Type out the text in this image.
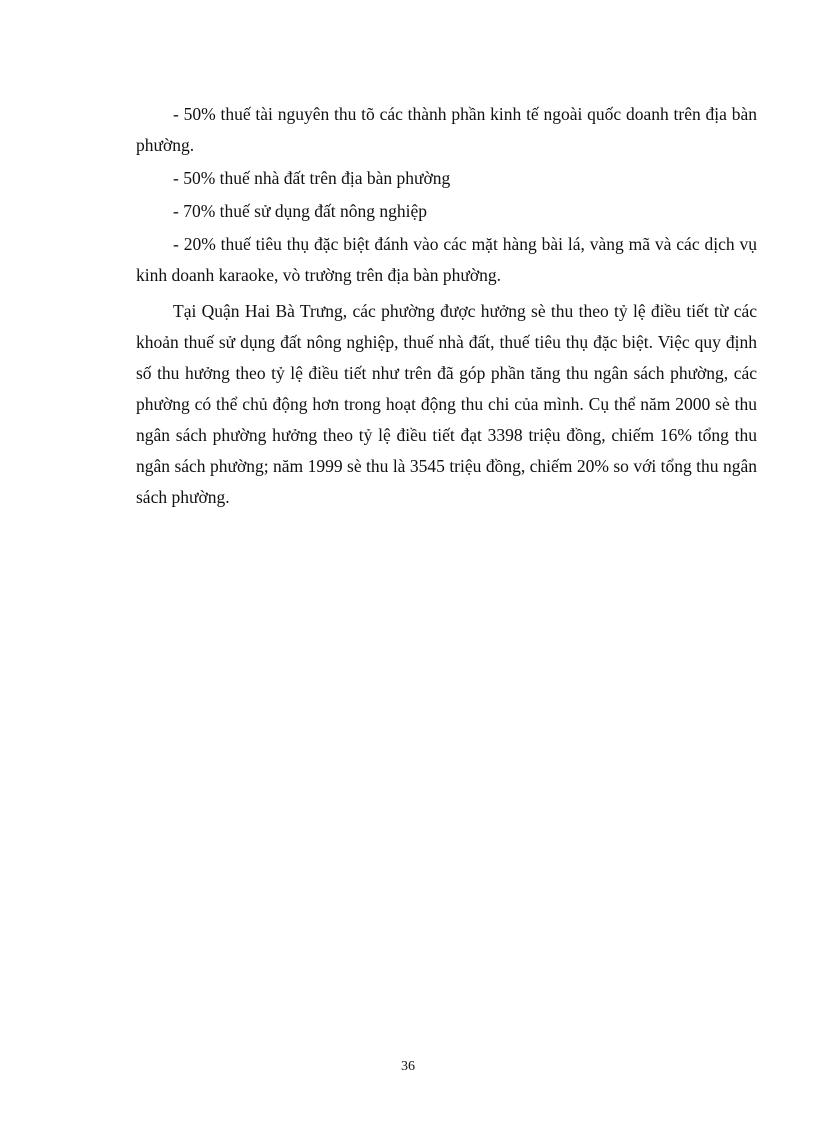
- 50% thuế tài nguyên thu tõ các thành phần kinh tế ngoài quốc doanh trên địa bàn phường.

- 50% thuế nhà đất trên địa bàn phường

- 70% thuế sử dụng đất nông nghiệp

- 20% thuế tiêu thụ đặc biệt đánh vào các mặt hàng bài lá, vàng mã và các dịch vụ kinh doanh karaoke, vò trường trên địa bàn phường.

Tại Quận Hai Bà Trưng, các phường được hưởng sè thu theo tỷ lệ điều tiết từ các khoản thuế sử dụng đất nông nghiệp, thuế nhà đất, thuế tiêu thụ đặc biệt. Việc quy định số thu hưởng theo tỷ lệ điều tiết như trên đã góp phần tăng thu ngân sách phường, các phường có thể chủ động hơn trong hoạt động thu chi của mình. Cụ thể năm 2000 sè thu ngân sách phường hưởng theo tỷ lệ điều tiết đạt 3398 triệu đồng, chiếm 16% tổng thu ngân sách phường; năm 1999 sè thu là 3545 triệu đồng, chiếm 20% so với tổng thu ngân sách phường.

36
